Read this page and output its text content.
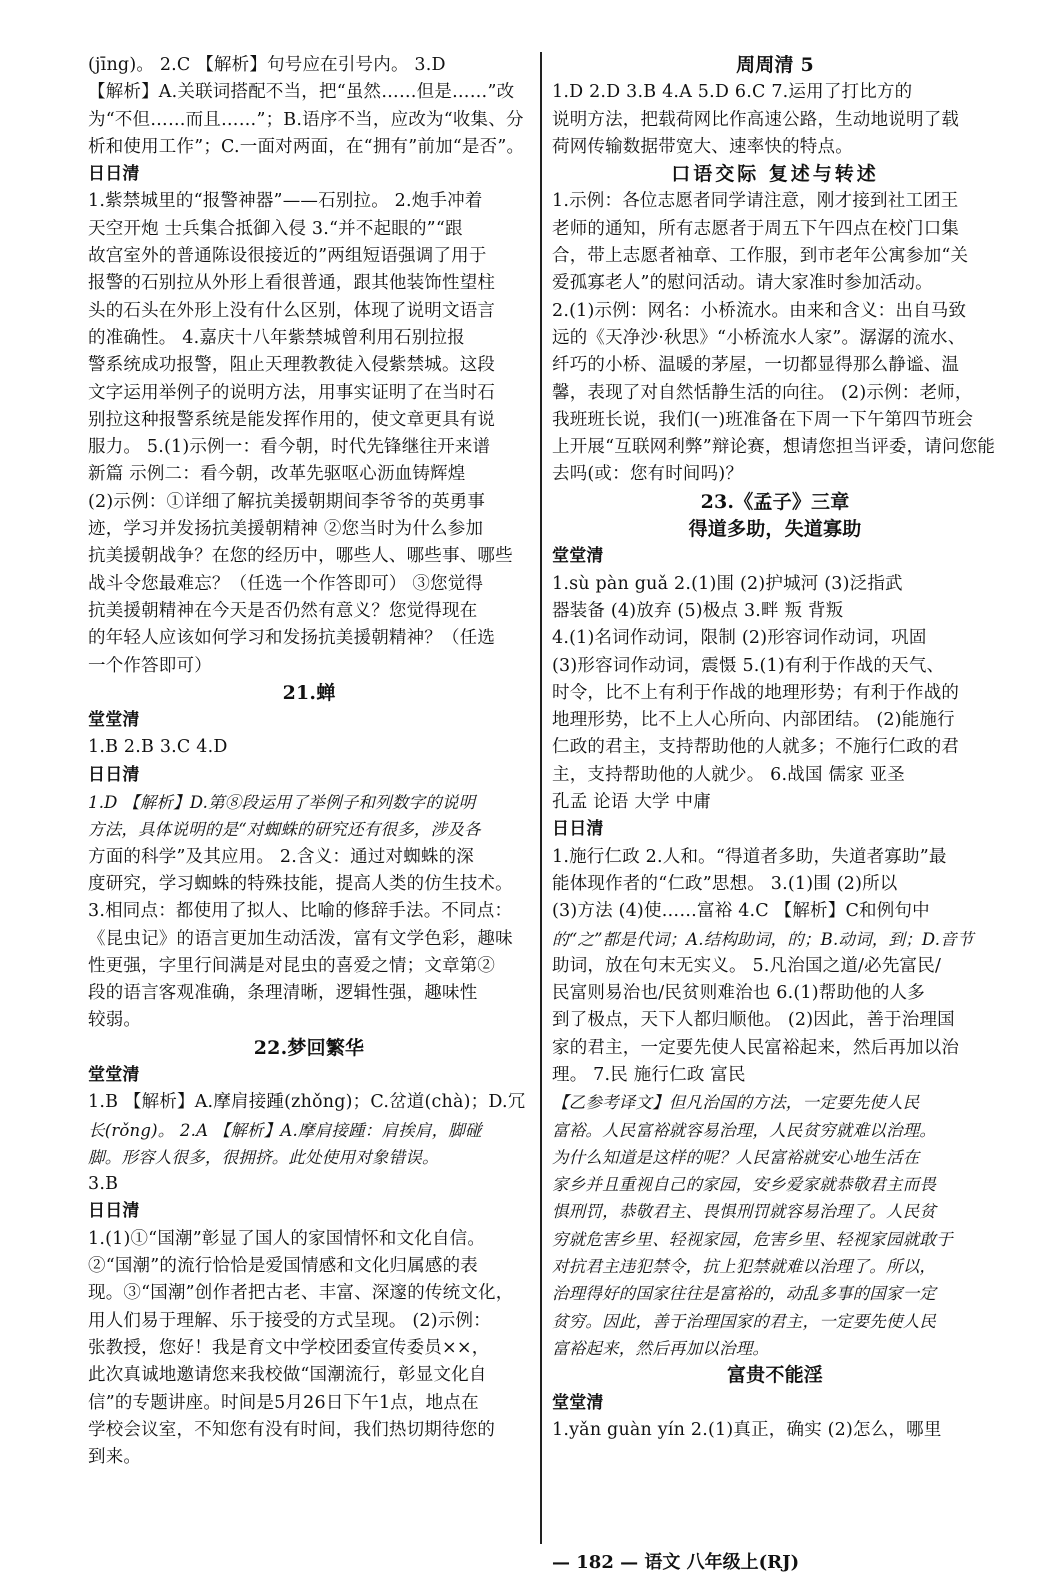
(jīng)。 2.C 【解析】句号应在引号内。 3.D
【解析】A.关联词搭配不当，把“虽然……但是……”改
为“不但……而且……”；B.语序不当，应改为“收集、分
析和使用工作”；C.一面对两面，在“拥有”前加“是否”。
日日清
1.紫禁城里的“报警神器”——石别拉。 2.炮手冲着
天空开炮 士兵集合抵御入侵 3.“并不起眼的”“跟
故宫室外的普通陈设很接近的”两组短语强调了用于
报警的石别拉从外形上看很普通，跟其他装饰性望柱
头的石头在外形上没有什么区别，体现了说明文语言
的准确性。 4.嘉庆十八年紫禁城曾利用石别拉报
警系统成功报警，阻止天理教教徒入侵紫禁城。这段
文字运用举例子的说明方法，用事实证明了在当时石
别拉这种报警系统是能发挥作用的，使文章更具有说
服力。 5.(1)示例一：看今朝，时代先锋继往开来谱
新篇 示例二：看今朝，改革先驱呕心沥血铸辉煌
(2)示例：①详细了解抗美援朝期间李爷爷的英勇事
迹，学习并发扬抗美援朝精神 ②您当时为什么参加
抗美援朝战争？在您的经历中，哪些人、哪些事、哪些
战斗令您最难忘？（任选一个作答即可） ③您觉得
抗美援朝精神在今天是否仍然有意义？您觉得现在
的年轻人应该如何学习和发扬抗美援朝精神？（任选
一个作答即可）
21.蝉
堂堂清
1.B 2.B 3.C 4.D
日日清
1.D 【解析】D.第⑧段运用了举例子和列数字的说明
方法，具体说明的是“对蜘蛛的研究还有很多，涉及各
方面的科学”及其应用。 2.含义：通过对蜘蛛的深
度研究，学习蜘蛛的特殊技能，提高人类的仿生技术。
3.相同点：都使用了拟人、比喻的修辞手法。不同点：
《昆虫记》的语言更加生动活泼，富有文学色彩，趣味
性更强，字里行间满是对昆虫的喜爱之情；文章第②
段的语言客观准确，条理清晰，逻辑性强，趣味性
较弱。
22.梦回繁华
堂堂清
1.B 【解析】A.摩肩接踵(zhǒng)；C.岔道(chà)；D.冗
长(rǒng)。 2.A 【解析】A.摩肩接踵：肩挨肩，脚碰
脚。形容人很多，很拥挤。此处使用对象错误。
3.B
日日清
1.(1)①“国潮”彰显了国人的家国情怀和文化自信。
②“国潮”的流行恰恰是爱国情感和文化归属感的表
现。③“国潮”创作者把古老、丰富、深邃的传统文化，
用人们易于理解、乐于接受的方式呈现。 (2)示例：
张教授，您好！我是育文中学校团委宣传委员××，
此次真诚地邀请您来我校做“国潮流行，彰显文化自
信”的专题讲座。时间是5月26日下午1点，地点在
学校会议室，不知您有没有时间，我们热切期待您的
到来。
周周清 5
1.D 2.D 3.B 4.A 5.D 6.C 7.运用了打比方的
说明方法，把载荷网比作高速公路，生动地说明了载
荷网传输数据带宽大、速率快的特点。
口语交际 复述与转述
1.示例：各位志愿者同学请注意，刚才接到社工团王
老师的通知，所有志愿者于周五下午四点在校门口集
合，带上志愿者袖章、工作服，到市老年公寓参加“关
爱孤寡老人”的慰问活动。请大家准时参加活动。
2.(1)示例：网名：小桥流水。由来和含义：出自马致
远的《天净沙·秋思》“小桥流水人家”。潺潺的流水、
纤巧的小桥、温暖的茅屋，一切都显得那么静谧、温
馨，表现了对自然恬静生活的向往。 (2)示例：老师，
我班班长说，我们(一)班准备在下周一下午第四节班会
上开展“互联网利弊”辩论赛，想请您担当评委，请问您能
去吗(或：您有时间吗)？
23.《孟子》三章
得道多助，失道寡助
堂堂清
1.sù pàn guǎ 2.(1)围 (2)护城河 (3)泛指武
器装备 (4)放弃 (5)极点 3.畔 叛 背叛
4.(1)名词作动词，限制 (2)形容词作动词，巩固
(3)形容词作动词，震慑 5.(1)有利于作战的天气、
时令，比不上有利于作战的地理形势；有利于作战的
地理形势，比不上人心所向、内部团结。 (2)能施行
仁政的君主，支持帮助他的人就多；不施行仁政的君
主，支持帮助他的人就少。 6.战国 儒家 亚圣
孔孟 论语 大学 中庸
日日清
1.施行仁政 2.人和。“得道者多助，失道者寡助”最
能体现作者的“仁政”思想。 3.(1)围 (2)所以
(3)方法 (4)使……富裕 4.C 【解析】C和例句中
的“之”都是代词；A.结构助词，的；B.动词，到；D.音节
助词，放在句末无实义。 5.凡治国之道/必先富民/
民富则易治也/民贫则难治也 6.(1)帮助他的人多
到了极点，天下人都归顺他。 (2)因此，善于治理国
家的君主，一定要先使人民富裕起来，然后再加以治
理。 7.民 施行仁政 富民
【乙参考译文】但凡治国的方法，一定要先使人民
富裕。人民富裕就容易治理，人民贫穷就难以治理。
为什么知道是这样的呢？人民富裕就安心地生活在
家乡并且重视自己的家园，安乡爱家就恭敬君主而畏
惧刑罚，恭敬君主、畏惧刑罚就容易治理了。人民贫
穷就危害乡里、轻视家园，危害乡里、轻视家园就敢于
对抗君主违犯禁令，抗上犯禁就难以治理了。所以，
治理得好的国家往往是富裕的，动乱多事的国家一定
贫穷。因此，善于治理国家的君主，一定要先使人民
富裕起来，然后再加以治理。
富贵不能淫
堂堂清
1.yǎn guàn yín 2.(1)真正，确实 (2)怎么，哪里
— 182 — 语文 八年级上(RJ)
